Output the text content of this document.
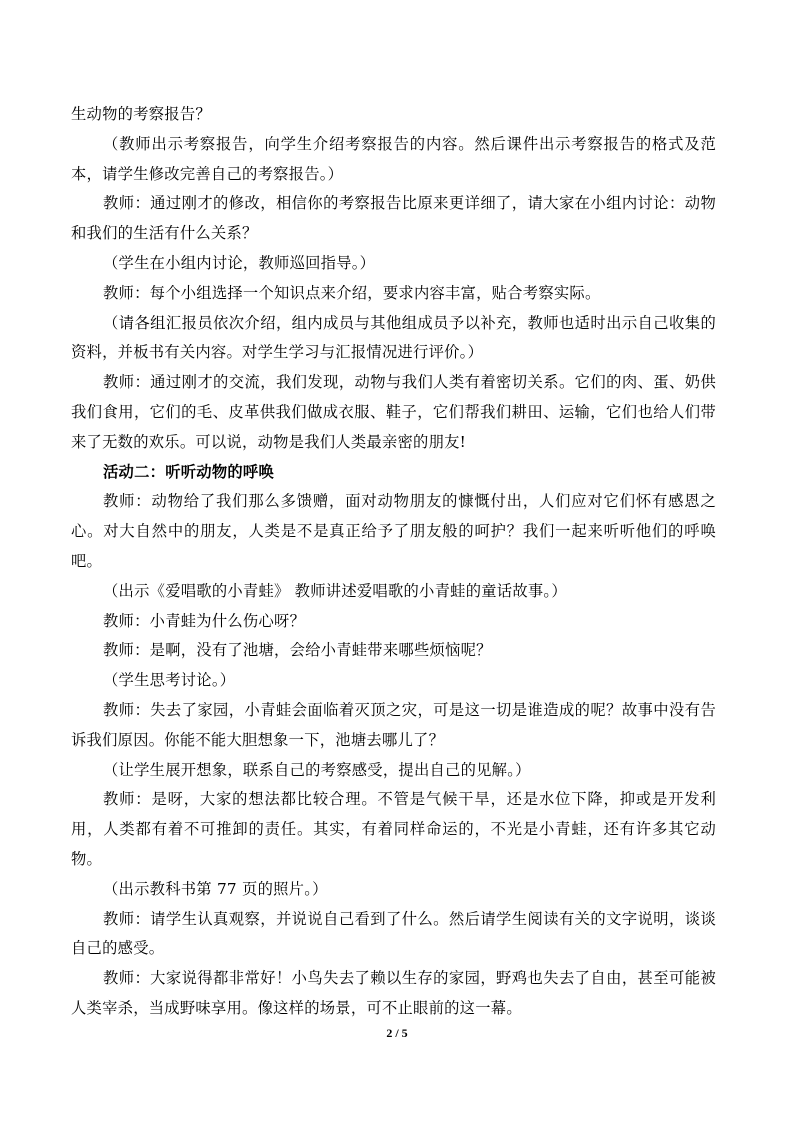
生动物的考察报告？

（教师出示考察报告，向学生介绍考察报告的内容。然后课件出示考察报告的格式及范本，请学生修改完善自己的考察报告。）

教师：通过刚才的修改，相信你的考察报告比原来更详细了，请大家在小组内讨论：动物和我们的生活有什么关系？

（学生在小组内讨论，教师巡回指导。）

教师：每个小组选择一个知识点来介绍，要求内容丰富，贴合考察实际。

（请各组汇报员依次介绍，组内成员与其他组成员予以补充，教师也适时出示自己收集的资料，并板书有关内容。对学生学习与汇报情况进行评价。）

教师：通过刚才的交流，我们发现，动物与我们人类有着密切关系。它们的肉、蛋、奶供我们食用，它们的毛、皮革供我们做成衣服、鞋子，它们帮我们耕田、运输，它们也给人们带来了无数的欢乐。可以说，动物是我们人类最亲密的朋友!

活动二：听听动物的呼唤

教师：动物给了我们那么多馈赠，面对动物朋友的慷慨付出，人们应对它们怀有感恩之心。对大自然中的朋友，人类是不是真正给予了朋友般的呵护？我们一起来听听他们的呼唤吧。

（出示《爱唱歌的小青蛙》 教师讲述爱唱歌的小青蛙的童话故事。）

教师：小青蛙为什么伤心呀？

教师：是啊，没有了池塘，会给小青蛙带来哪些烦恼呢？

（学生思考讨论。）

教师：失去了家园，小青蛙会面临着灭顶之灾，可是这一切是谁造成的呢？故事中没有告诉我们原因。你能不能大胆想象一下，池塘去哪儿了？

（让学生展开想象，联系自己的考察感受，提出自己的见解。）

教师：是呀，大家的想法都比较合理。不管是气候干旱，还是水位下降，抑或是开发利用，人类都有着不可推卸的责任。其实，有着同样命运的，不光是小青蛙，还有许多其它动物。

（出示教科书第 77 页的照片。）

教师：请学生认真观察，并说说自己看到了什么。然后请学生阅读有关的文字说明，谈谈自己的感受。

教师：大家说得都非常好！小鸟失去了赖以生存的家园，野鸡也失去了自由，甚至可能被人类宰杀，当成野味享用。像这样的场景，可不止眼前的这一幕。

2 / 5
